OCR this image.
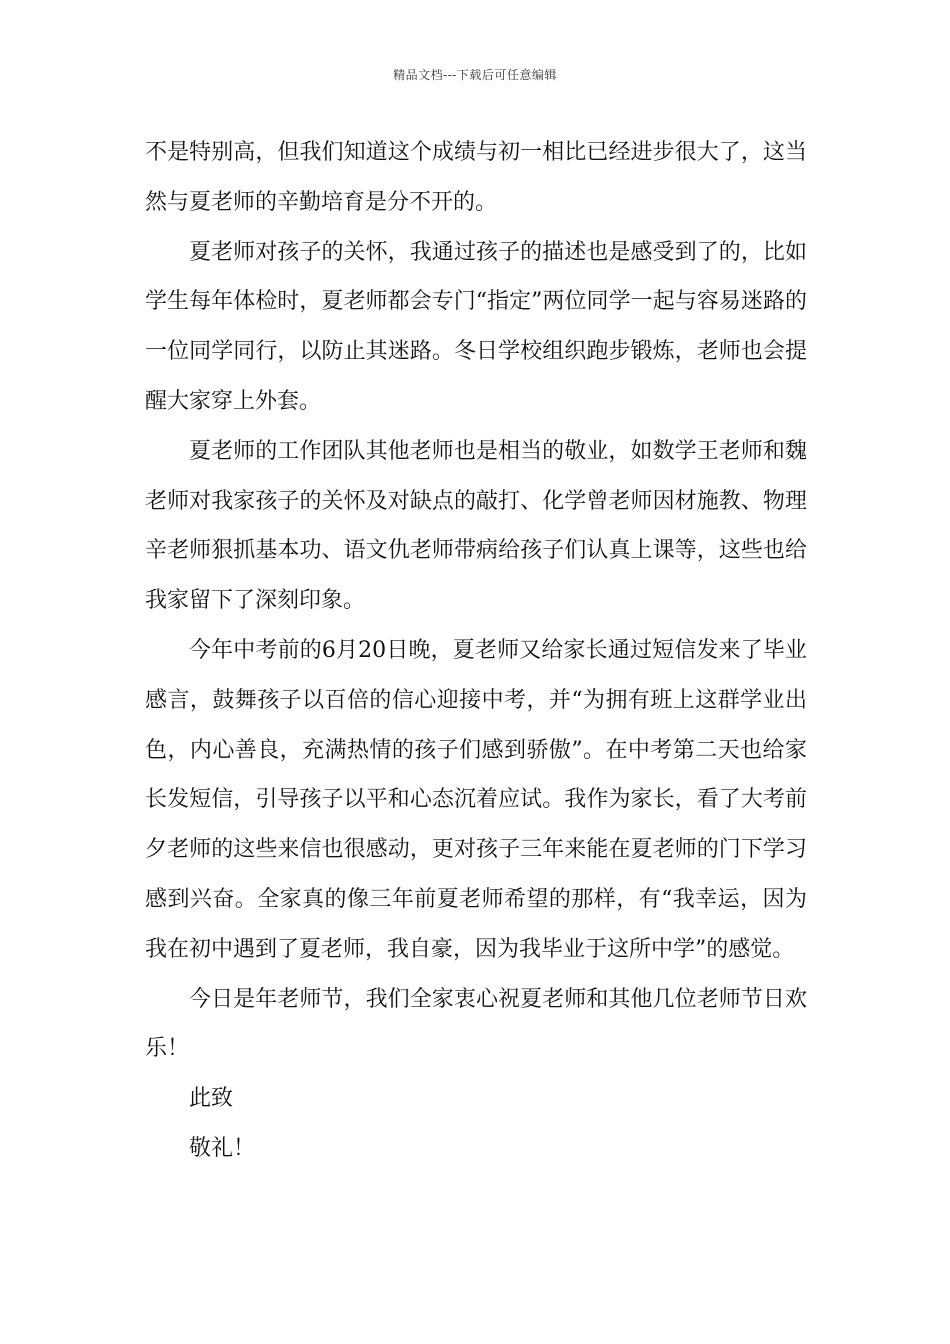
精品文档---下载后可任意编辑

不是特别高，但我们知道这个成绩与初一相比已经进步很大了，这当然与夏老师的辛勤培育是分不开的。

夏老师对孩子的关怀，我通过孩子的描述也是感受到了的，比如学生每年体检时，夏老师都会专门“指定”两位同学一起与容易迷路的一位同学同行，以防止其迷路。冬日学校组织跑步锻炼，老师也会提醒大家穿上外套。

夏老师的工作团队其他老师也是相当的敬业，如数学王老师和魏老师对我家孩子的关怀及对缺点的敲打、化学曾老师因材施教、物理辛老师狠抓基本功、语文仇老师带病给孩子们认真上课等，这些也给我家留下了深刻印象。

今年中考前的6月20日晚，夏老师又给家长通过短信发来了毕业感言，鼓舞孩子以百倍的信心迎接中考，并“为拥有班上这群学业出色，内心善良，充满热情的孩子们感到骄傲”。在中考第二天也给家长发短信，引导孩子以平和心态沉着应试。我作为家长，看了大考前夕老师的这些来信也很感动，更对孩子三年来能在夏老师的门下学习感到兴奋。全家真的像三年前夏老师希望的那样，有“我幸运，因为我在初中遇到了夏老师，我自豪，因为我毕业于这所中学”的感觉。

今日是年老师节，我们全家衷心祝夏老师和其他几位老师节日欢乐！

此致

敬礼！
